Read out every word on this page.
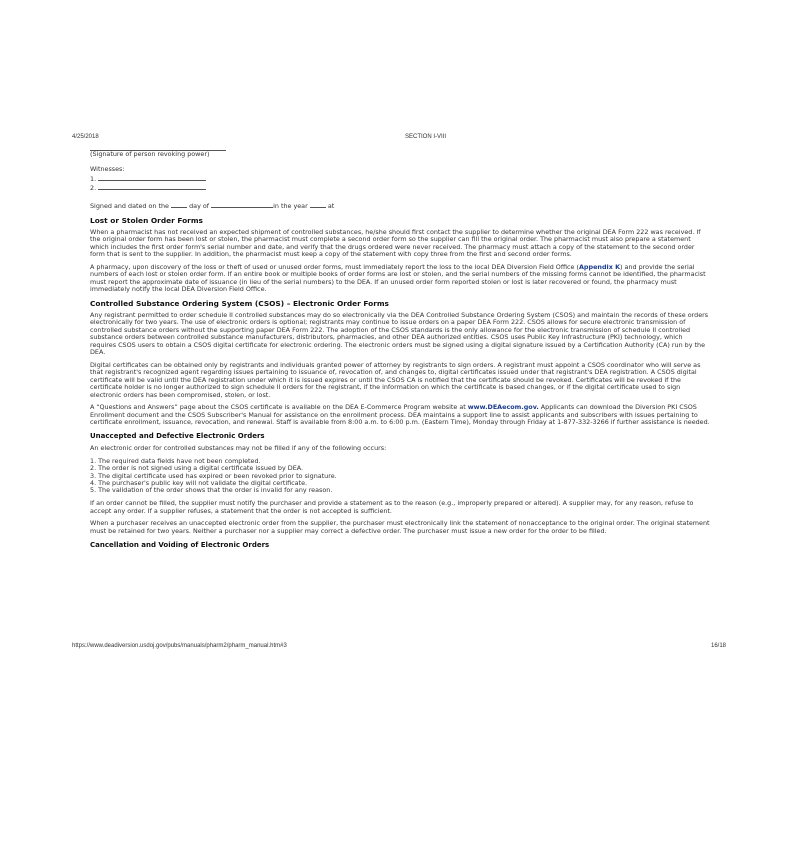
4/25/2018	SECTION I-VIII
(Signature of person revoking power)
Witnesses:
1.
2.
Signed and dated on the	day of	in the year	at
Lost or Stolen Order Forms
When a pharmacist has not received an expected shipment of controlled substances, he/she should first contact the supplier to determine whether the original DEA Form 222 was received. If the original order form has been lost or stolen, the pharmacist must complete a second order form so the supplier can fill the original order. The pharmacist must also prepare a statement which includes the first order form's serial number and date, and verify that the drugs ordered were never received. The pharmacy must attach a copy of the statement to the second order form that is sent to the supplier. In addition, the pharmacist must keep a copy of the statement with copy three from the first and second order forms.
A pharmacy, upon discovery of the loss or theft of used or unused order forms, must immediately report the loss to the local DEA Diversion Field Office (Appendix K) and provide the serial numbers of each lost or stolen order form. If an entire book or multiple books of order forms are lost or stolen, and the serial numbers of the missing forms cannot be identified, the pharmacist must report the approximate date of issuance (in lieu of the serial numbers) to the DEA. If an unused order form reported stolen or lost is later recovered or found, the pharmacy must immediately notify the local DEA Diversion Field Office.
Controlled Substance Ordering System (CSOS) – Electronic Order Forms
Any registrant permitted to order schedule II controlled substances may do so electronically via the DEA Controlled Substance Ordering System (CSOS) and maintain the records of these orders electronically for two years. The use of electronic orders is optional; registrants may continue to issue orders on a paper DEA Form 222. CSOS allows for secure electronic transmission of controlled substance orders without the supporting paper DEA Form 222. The adoption of the CSOS standards is the only allowance for the electronic transmission of schedule II controlled substance orders between controlled substance manufacturers, distributors, pharmacies, and other DEA authorized entities. CSOS uses Public Key Infrastructure (PKI) technology, which requires CSOS users to obtain a CSOS digital certificate for electronic ordering. The electronic orders must be signed using a digital signature issued by a Certification Authority (CA) run by the DEA.
Digital certificates can be obtained only by registrants and individuals granted power of attorney by registrants to sign orders. A registrant must appoint a CSOS coordinator who will serve as that registrant's recognized agent regarding issues pertaining to issuance of, revocation of, and changes to, digital certificates issued under that registrant's DEA registration. A CSOS digital certificate will be valid until the DEA registration under which it is issued expires or until the CSOS CA is notified that the certificate should be revoked. Certificates will be revoked if the certificate holder is no longer authorized to sign schedule II orders for the registrant, if the information on which the certificate is based changes, or if the digital certificate used to sign electronic orders has been compromised, stolen, or lost.
A “Questions and Answers” page about the CSOS certificate is available on the DEA E-Commerce Program website at www.DEAecom.gov. Applicants can download the Diversion PKI CSOS Enrollment document and the CSOS Subscriber's Manual for assistance on the enrollment process. DEA maintains a support line to assist applicants and subscribers with issues pertaining to certificate enrollment, issuance, revocation, and renewal. Staff is available from 8:00 a.m. to 6:00 p.m. (Eastern Time), Monday through Friday at 1-877-332-3266 if further assistance is needed.
Unaccepted and Defective Electronic Orders
An electronic order for controlled substances may not be filled if any of the following occurs:
1. The required data fields have not been completed.
2. The order is not signed using a digital certificate issued by DEA.
3. The digital certificate used has expired or been revoked prior to signature.
4. The purchaser's public key will not validate the digital certificate.
5. The validation of the order shows that the order is invalid for any reason.
If an order cannot be filled, the supplier must notify the purchaser and provide a statement as to the reason (e.g., improperly prepared or altered). A supplier may, for any reason, refuse to accept any order. If a supplier refuses, a statement that the order is not accepted is sufficient.
When a purchaser receives an unaccepted electronic order from the supplier, the purchaser must electronically link the statement of nonacceptance to the original order. The original statement must be retained for two years. Neither a purchaser nor a supplier may correct a defective order. The purchaser must issue a new order for the order to be filled.
Cancellation and Voiding of Electronic Orders
https://www.deadiversion.usdoj.gov/pubs/manuals/pharm2/pharm_manual.htm#3	16/18
